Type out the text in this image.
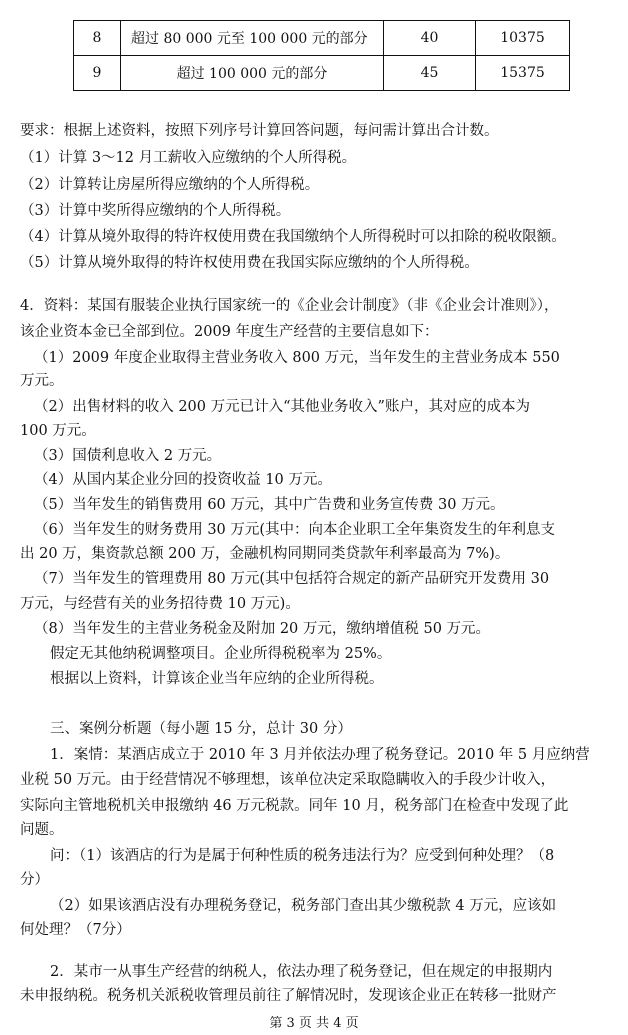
8	超过 80 000 元至 100 000 元的部分	40	10375
9	超过 100 000 元的部分	45	15375
要求：根据上述资料，按照下列序号计算回答问题，每问需计算出合计数。
（1）计算 3～12 月工薪收入应缴纳的个人所得税。
（2）计算转让房屋所得应缴纳的个人所得税。
（3）计算中奖所得应缴纳的个人所得税。
（4）计算从境外取得的特许权使用费在我国缴纳个人所得税时可以扣除的税收限额。
（5）计算从境外取得的特许权使用费在我国实际应缴纳的个人所得税。
4．资料：某国有服装企业执行国家统一的《企业会计制度》（非《企业会计准则》），
该企业资本金已全部到位。2009 年度生产经营的主要信息如下：
（1）2009 年度企业取得主营业务收入 800 万元，当年发生的主营业务成本 550
万元。
（2）出售材料的收入 200 万元已计入“其他业务收入”账户，其对应的成本为
100 万元。
（3）国债利息收入 2 万元。
（4）从国内某企业分回的投资收益 10 万元。
（5）当年发生的销售费用 60 万元，其中广告费和业务宣传费 30 万元。
（6）当年发生的财务费用 30 万元(其中：向本企业职工全年集资发生的年利息支
出 20 万，集资款总额 200 万，金融机构同期同类贷款年利率最高为 7%)。
（7）当年发生的管理费用 80 万元(其中包括符合规定的新产品研究开发费用 30
万元，与经营有关的业务招待费 10 万元)。
（8）当年发生的主营业务税金及附加 20 万元，缴纳增值税 50 万元。
假定无其他纳税调整项目。企业所得税税率为 25%。
根据以上资料，计算该企业当年应纳的企业所得税。
三、案例分析题（每小题 15 分，总计 30 分）
1．案情：某酒店成立于 2010 年 3 月并依法办理了税务登记。2010 年 5 月应纳营
业税 50 万元。由于经营情况不够理想，该单位决定采取隐瞒收入的手段少计收入，
实际向主管地税机关申报缴纳 46 万元税款。同年 10 月，税务部门在检查中发现了此
问题。
问：（1）该酒店的行为是属于何种性质的税务违法行为？应受到何种处理？（8
分）
（2）如果该酒店没有办理税务登记，税务部门查出其少缴税款 4 万元，应该如
何处理？（7分）
2．某市一从事生产经营的纳税人，依法办理了税务登记，但在规定的申报期内
未申报纳税。税务机关派税收管理员前往了解情况时，发现该企业正在转移一批财产
第 3 页 共 4 页
